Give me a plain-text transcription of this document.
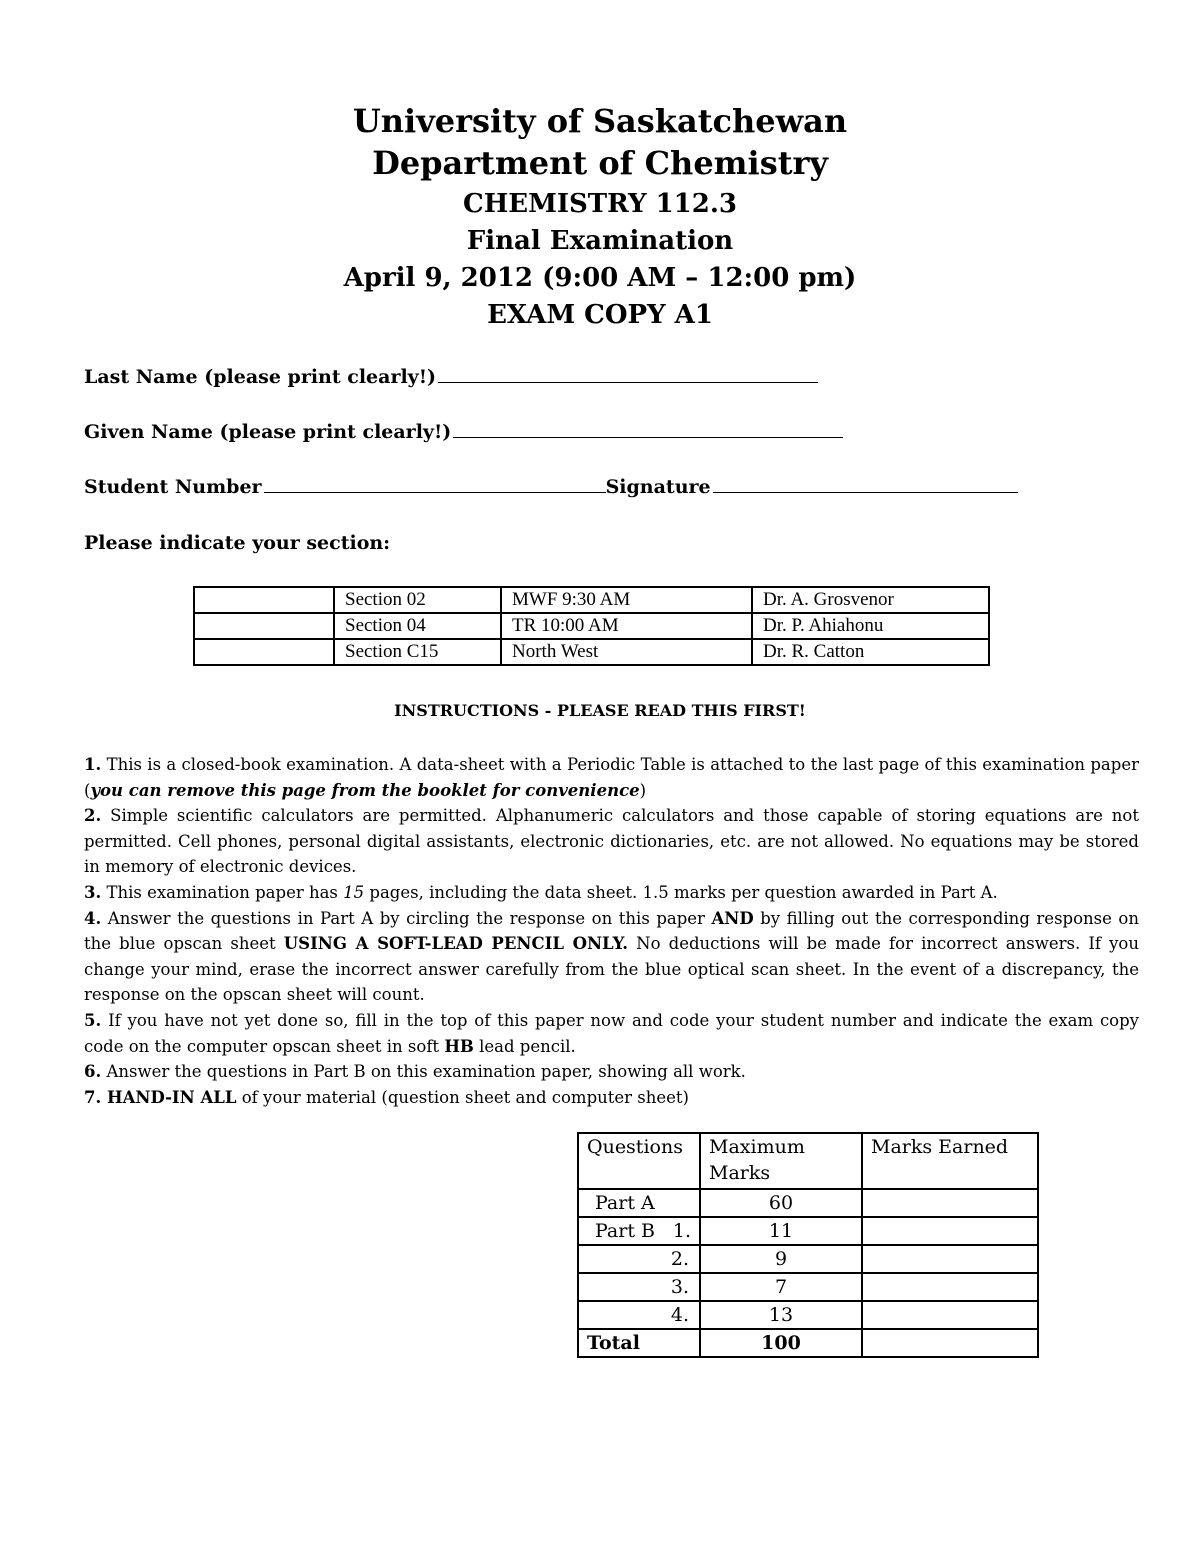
University of Saskatchewan
Department of Chemistry
CHEMISTRY 112.3
Final Examination
April 9, 2012 (9:00 AM – 12:00 pm)
EXAM COPY A1
Last Name (please print clearly!)
Given Name (please print clearly!)
Student Number	Signature
Please indicate your section:
	Section 02	MWF 9:30 AM	Dr. A. Grosvenor
	Section 04	TR 10:00 AM	Dr. P. Ahiahonu
	Section C15	North West	Dr. R. Catton
INSTRUCTIONS - PLEASE READ THIS FIRST!

1. This is a closed-book examination. A data-sheet with a Periodic Table is attached to the last page of this examination paper (you can remove this page from the booklet for convenience)

2. Simple scientific calculators are permitted. Alphanumeric calculators and those capable of storing equations are not permitted. Cell phones, personal digital assistants, electronic dictionaries, etc. are not allowed. No equations may be stored in memory of electronic devices.

3. This examination paper has 15 pages, including the data sheet. 1.5 marks per question awarded in Part A.

4. Answer the questions in Part A by circling the response on this paper AND by filling out the corresponding response on the blue opscan sheet USING A SOFT-LEAD PENCIL ONLY. No deductions will be made for incorrect answers. If you change your mind, erase the incorrect answer carefully from the blue optical scan sheet. In the event of a discrepancy, the response on the opscan sheet will count.

5. If you have not yet done so, fill in the top of this paper now and code your student number and indicate the exam copy code on the computer opscan sheet in soft HB lead pencil.

6. Answer the questions in Part B on this examination paper, showing all work.

7. HAND-IN ALL of your material (question sheet and computer sheet)

Questions	Maximum Marks	Marks Earned
Part A	60	
Part B 1.	11	
2.	9	
3.	7	
4.	13	
Total	100	
